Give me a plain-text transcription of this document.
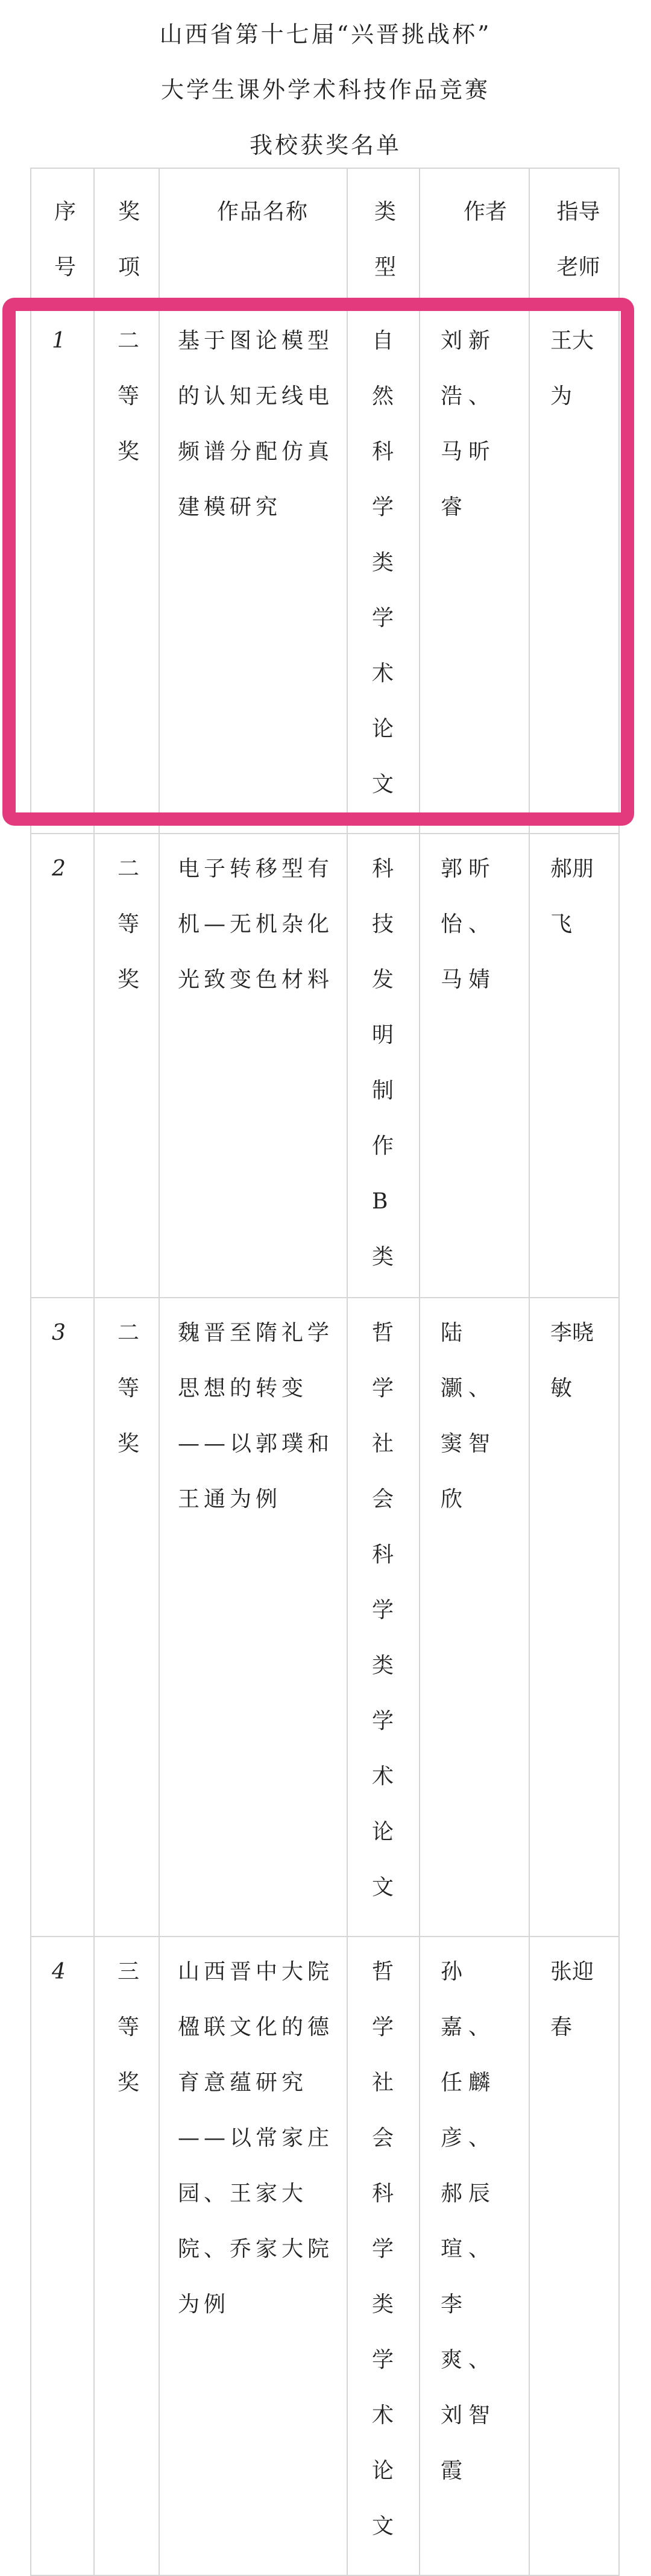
山西省第十七届“兴晋挑战杯”
大学生课外学术科技作品竞赛
我校获奖名单
序号	奖项	作品名称	类型	作者	指导老师
1	二等奖	基于图论模型的认知无线电频谱分配仿真建模研究	自然科学类学术论文	刘新浩、马昕睿	王大为
2	二等奖	电子转移型有机—无机杂化光致变色材料	科技发明制作B类	郭昕怡、马婧	郝朋飞
3	二等奖	魏晋至隋礼学思想的转变——以郭璞和王通为例	哲学社会科学类学术论文	陆灏、窦智欣	李晓敏
4	三等奖	山西晋中大院楹联文化的德育意蕴研究——以常家庄园、王家大院、乔家大院为例	哲学社会科学类学术论文	孙嘉、任麟彦、郝辰瑄、李爽、刘智霞	张迎春
